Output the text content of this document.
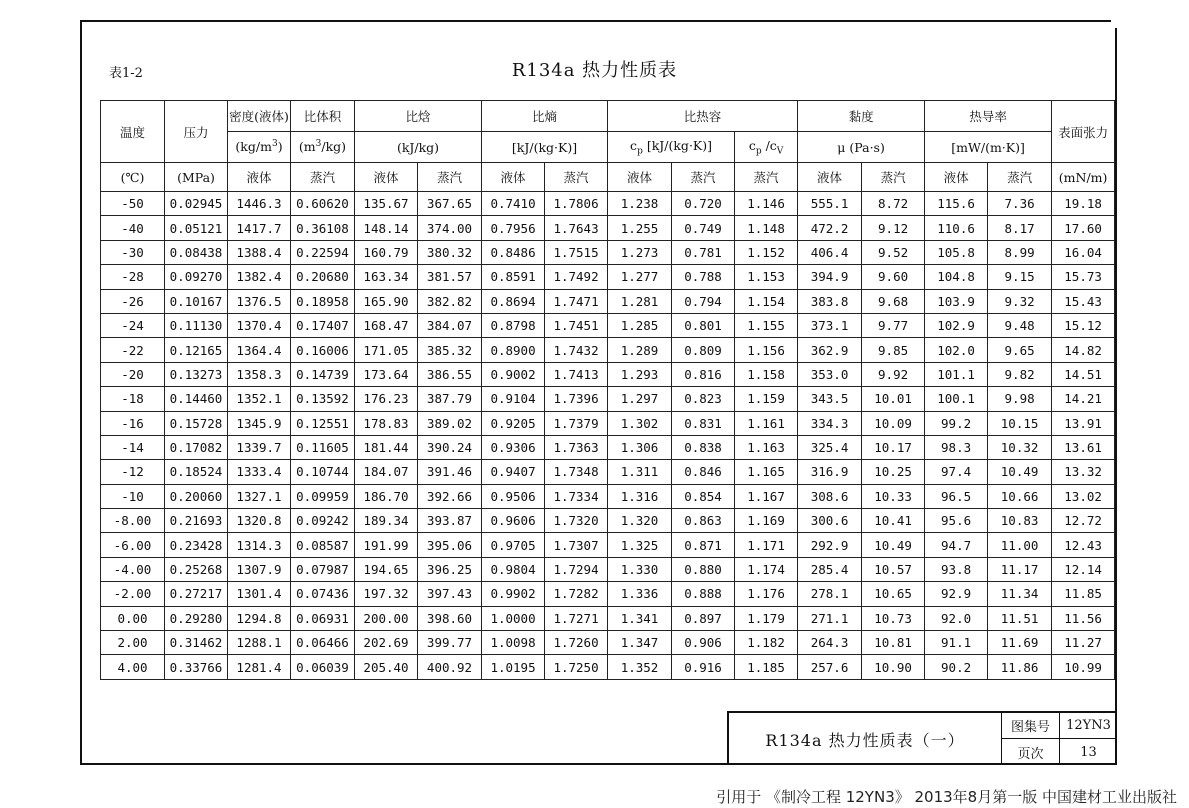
表1-2	R134a 热力性质表
温度	压力	密度(液体)	比体积	比焓		比熵		比热容			黏度		热导率		表面张力
		$(kg/m^3)$	$(m^3/kg)$	(kJ/kg)		[kJ/(kg·K)]		$c_p$ [kJ/(kg·K)]		$c_p$ $/c_V$	μ (Pa·s)		[mW/(m·K)]		
(℃)	(MPa)	液体	蒸汽	液体	蒸汽	液体	蒸汽	液体	蒸汽	蒸汽	液体	蒸汽	液体	蒸汽	(mN/m)
-50	0.02945	1446.3	0.60620	135.67	367.65	0.7410	1.7806	1.238	0.720	1.146	555.1	8.72	115.6	7.36	19.18
-40	0.05121	1417.7	0.36108	148.14	374.00	0.7956	1.7643	1.255	0.749	1.148	472.2	9.12	110.6	8.17	17.60
-30	0.08438	1388.4	0.22594	160.79	380.32	0.8486	1.7515	1.273	0.781	1.152	406.4	9.52	105.8	8.99	16.04
-28	0.09270	1382.4	0.20680	163.34	381.57	0.8591	1.7492	1.277	0.788	1.153	394.9	9.60	104.8	9.15	15.73
-26	0.10167	1376.5	0.18958	165.90	382.82	0.8694	1.7471	1.281	0.794	1.154	383.8	9.68	103.9	9.32	15.43
-24	0.11130	1370.4	0.17407	168.47	384.07	0.8798	1.7451	1.285	0.801	1.155	373.1	9.77	102.9	9.48	15.12
-22	0.12165	1364.4	0.16006	171.05	385.32	0.8900	1.7432	1.289	0.809	1.156	362.9	9.85	102.0	9.65	14.82
-20	0.13273	1358.3	0.14739	173.64	386.55	0.9002	1.7413	1.293	0.816	1.158	353.0	9.92	101.1	9.82	14.51
-18	0.14460	1352.1	0.13592	176.23	387.79	0.9104	1.7396	1.297	0.823	1.159	343.5	10.01	100.1	9.98	14.21
-16	0.15728	1345.9	0.12551	178.83	389.02	0.9205	1.7379	1.302	0.831	1.161	334.3	10.09	99.2	10.15	13.91
-14	0.17082	1339.7	0.11605	181.44	390.24	0.9306	1.7363	1.306	0.838	1.163	325.4	10.17	98.3	10.32	13.61
-12	0.18524	1333.4	0.10744	184.07	391.46	0.9407	1.7348	1.311	0.846	1.165	316.9	10.25	97.4	10.49	13.32
-10	0.20060	1327.1	0.09959	186.70	392.66	0.9506	1.7334	1.316	0.854	1.167	308.6	10.33	96.5	10.66	13.02
-8.00	0.21693	1320.8	0.09242	189.34	393.87	0.9606	1.7320	1.320	0.863	1.169	300.6	10.41	95.6	10.83	12.72
-6.00	0.23428	1314.3	0.08587	191.99	395.06	0.9705	1.7307	1.325	0.871	1.171	292.9	10.49	94.7	11.00	12.43
-4.00	0.25268	1307.9	0.07987	194.65	396.25	0.9804	1.7294	1.330	0.880	1.174	285.4	10.57	93.8	11.17	12.14
-2.00	0.27217	1301.4	0.07436	197.32	397.43	0.9902	1.7282	1.336	0.888	1.176	278.1	10.65	92.9	11.34	11.85
0.00	0.29280	1294.8	0.06931	200.00	398.60	1.0000	1.7271	1.341	0.897	1.179	271.1	10.73	92.0	11.51	11.56
2.00	0.31462	1288.1	0.06466	202.69	399.77	1.0098	1.7260	1.347	0.906	1.182	264.3	10.81	91.1	11.69	11.27
4.00	0.33766	1281.4	0.06039	205.40	400.92	1.0195	1.7250	1.352	0.916	1.185	257.6	10.90	90.2	11.86	10.99
R134a 热力性质表（一）
图集号	12YN3
页次	13
引用于 《制冷工程 12YN3》 2013年8月第一版 中国建材工业出版社
